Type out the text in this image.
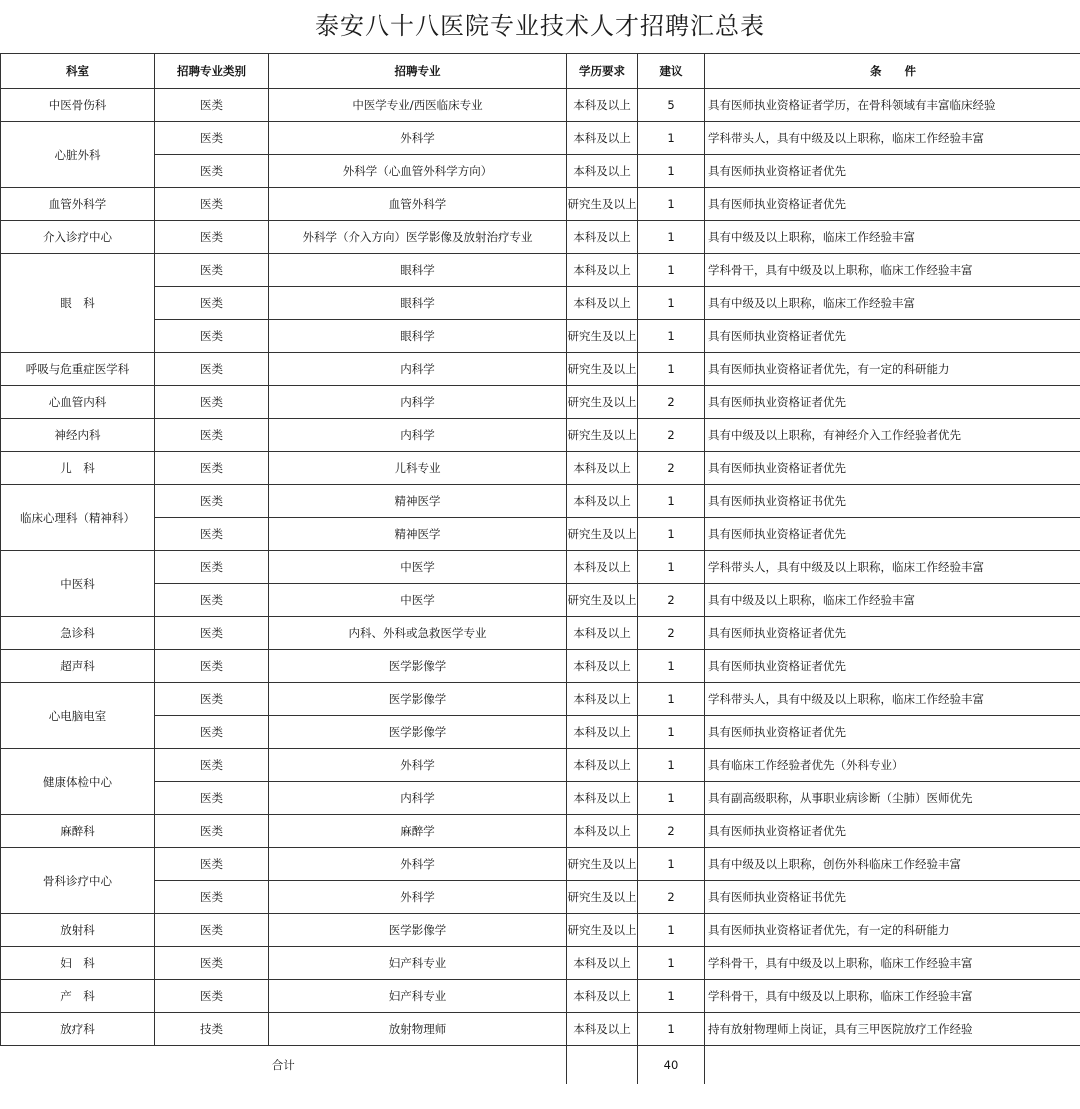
泰安八十八医院专业技术人才招聘汇总表
科室	招聘专业类别	招聘专业	学历要求	建议	条　　件
中医骨伤科	医类	中医学专业/西医临床专业	本科及以上	5	具有医师执业资格证者学历，在骨科领域有丰富临床经验
心脏外科	医类	外科学	本科及以上	1	学科带头人，具有中级及以上职称，临床工作经验丰富
	医类	外科学（心血管外科学方向）	本科及以上	1	具有医师执业资格证者优先
血管外科学	医类	血管外科学	研究生及以上	1	具有医师执业资格证者优先
介入诊疗中心	医类	外科学（介入方向）医学影像及放射治疗专业	本科及以上	1	具有中级及以上职称，临床工作经验丰富
眼　科	医类	眼科学	本科及以上	1	学科骨干，具有中级及以上职称，临床工作经验丰富
	医类	眼科学	本科及以上	1	具有中级及以上职称，临床工作经验丰富
	医类	眼科学	研究生及以上	1	具有医师执业资格证者优先
呼吸与危重症医学科	医类	内科学	研究生及以上	1	具有医师执业资格证者优先，有一定的科研能力
心血管内科	医类	内科学	研究生及以上	2	具有医师执业资格证者优先
神经内科	医类	内科学	研究生及以上	2	具有中级及以上职称，有神经介入工作经验者优先
儿　科	医类	儿科专业	本科及以上	2	具有医师执业资格证者优先
临床心理科（精神科）	医类	精神医学	本科及以上	1	具有医师执业资格证书优先
	医类	精神医学	研究生及以上	1	具有医师执业资格证者优先
中医科	医类	中医学	本科及以上	1	学科带头人，具有中级及以上职称，临床工作经验丰富
	医类	中医学	研究生及以上	2	具有中级及以上职称，临床工作经验丰富
急诊科	医类	内科、外科或急救医学专业	本科及以上	2	具有医师执业资格证者优先
超声科	医类	医学影像学	本科及以上	1	具有医师执业资格证者优先
心电脑电室	医类	医学影像学	本科及以上	1	学科带头人，具有中级及以上职称，临床工作经验丰富
	医类	医学影像学	本科及以上	1	具有医师执业资格证者优先
健康体检中心	医类	外科学	本科及以上	1	具有临床工作经验者优先（外科专业）
	医类	内科学	本科及以上	1	具有副高级职称，从事职业病诊断（尘肺）医师优先
麻醉科	医类	麻醉学	本科及以上	2	具有医师执业资格证者优先
骨科诊疗中心	医类	外科学	研究生及以上	1	具有中级及以上职称，创伤外科临床工作经验丰富
	医类	外科学	研究生及以上	2	具有医师执业资格证书优先
放射科	医类	医学影像学	研究生及以上	1	具有医师执业资格证者优先，有一定的科研能力
妇　科	医类	妇产科专业	本科及以上	1	学科骨干，具有中级及以上职称，临床工作经验丰富
产　科	医类	妇产科专业	本科及以上	1	学科骨干，具有中级及以上职称，临床工作经验丰富
放疗科	技类	放射物理师	本科及以上	1	持有放射物理师上岗证，具有三甲医院放疗工作经验
合计				40	
